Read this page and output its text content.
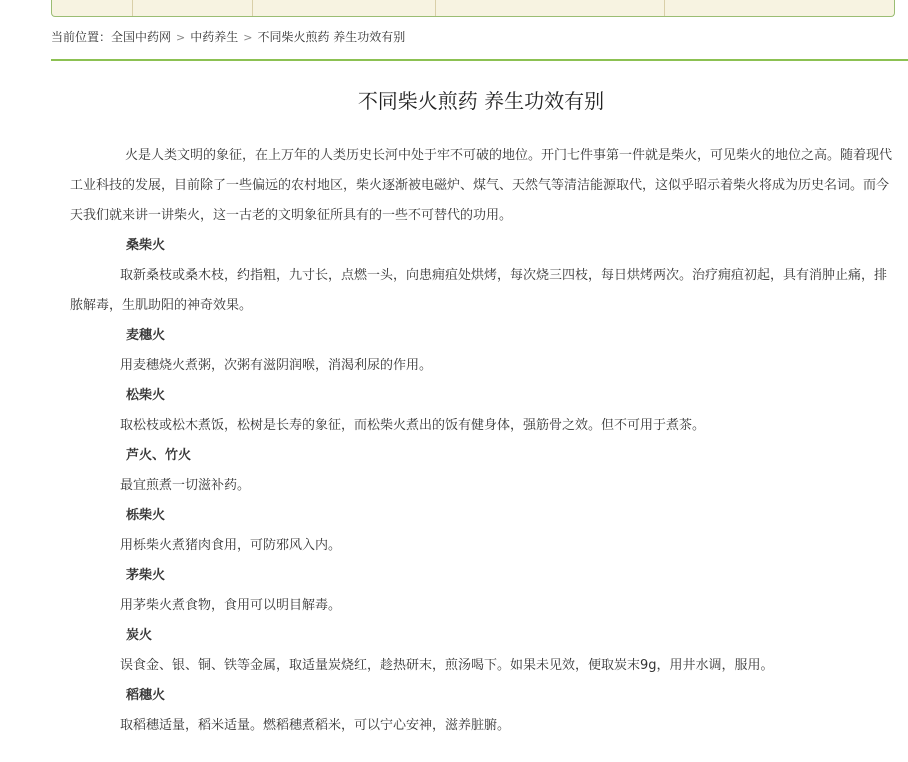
当前位置：全国中药网 > 中药养生 > 不同柴火煎药 养生功效有别
不同柴火煎药 养生功效有别

火是人类文明的象征，在上万年的人类历史长河中处于牢不可破的地位。开门七件事第一件就是柴火，可见柴火的地位之高。随着现代工业科技的发展，目前除了一些偏远的农村地区，柴火逐渐被电磁炉、煤气、天然气等清洁能源取代，这似乎昭示着柴火将成为历史名词。而今天我们就来讲一讲柴火，这一古老的文明象征所具有的一些不可替代的功用。

桑柴火

取新桑枝或桑木枝，约指粗，九寸长，点燃一头，向患痈疽处烘烤，每次烧三四枝，每日烘烤两次。治疗痈疽初起，具有消肿止痛，排脓解毒，生肌助阳的神奇效果。

麦穗火

用麦穗烧火煮粥，次粥有滋阴润喉，消渴利尿的作用。

松柴火

取松枝或松木煮饭，松树是长寿的象征，而松柴火煮出的饭有健身体，强筋骨之效。但不可用于煮茶。

芦火、竹火

最宜煎煮一切滋补药。

栎柴火

用栎柴火煮猪肉食用，可防邪风入内。

茅柴火

用茅柴火煮食物，食用可以明目解毒。

炭火

误食金、银、铜、铁等金属，取适量炭烧红，趁热研末，煎汤喝下。如果未见效，便取炭末9g，用井水调，服用。

稻穗火

取稻穗适量，稻米适量。燃稻穗煮稻米，可以宁心安神，滋养脏腑。
